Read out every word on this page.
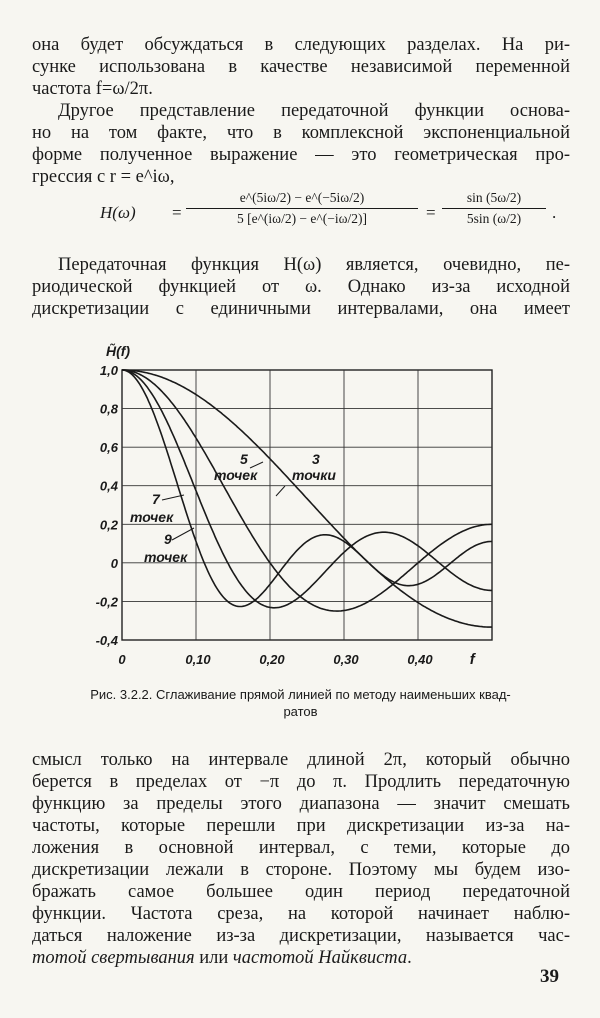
она будет обсуждаться в следующих разделах. На ри-
сунке использована в качестве независимой переменной
частота f=ω/2π.
Другое представление передаточной функции основа-
но на том факте, что в комплексной экспоненциальной
форме полученное выражение — это геометрическая про-
грессия с r = e^iω,
$H(\omega) = \frac{e\^{}(5i\omega/2) - e\^{}(-5i\omega/2)}{5 [e\^{}(i\omega/2) - e\^{}(-i\omega/2)]} = \frac{\sin (5\omega/2)}{5\sin (\omega/2)}$ .
Передаточная функция H(ω) является, очевидно, пе-
риодической функцией от ω. Однако из-за исходной
дискретизации с единичными интервалами, она имеет
1,0
0,8
0,6
0,4
0,2
0
-0,2
-0,4
0	0,10	0,20	0,30	0,40
H̃(f)
f
3
точки
5
точек
7
точек
9
точек
Рис. 3.2.2. Сглаживание прямой линией по методу наименьших квад-
ратов
смысл только на интервале длиной 2π, который обычно
берется в пределах от −π до π. Продлить передаточную
функцию за пределы этого диапазона — значит смешать
частоты, которые перешли при дискретизации из-за на-
ложения в основной интервал, с теми, которые до
дискретизации лежали в стороне. Поэтому мы будем изо-
бражать самое большее один период передаточной
функции. Частота среза, на которой начинает наблю-
даться наложение из-за дискретизации, называется час-
тотой свертывания или частотой Найквиста.
39
